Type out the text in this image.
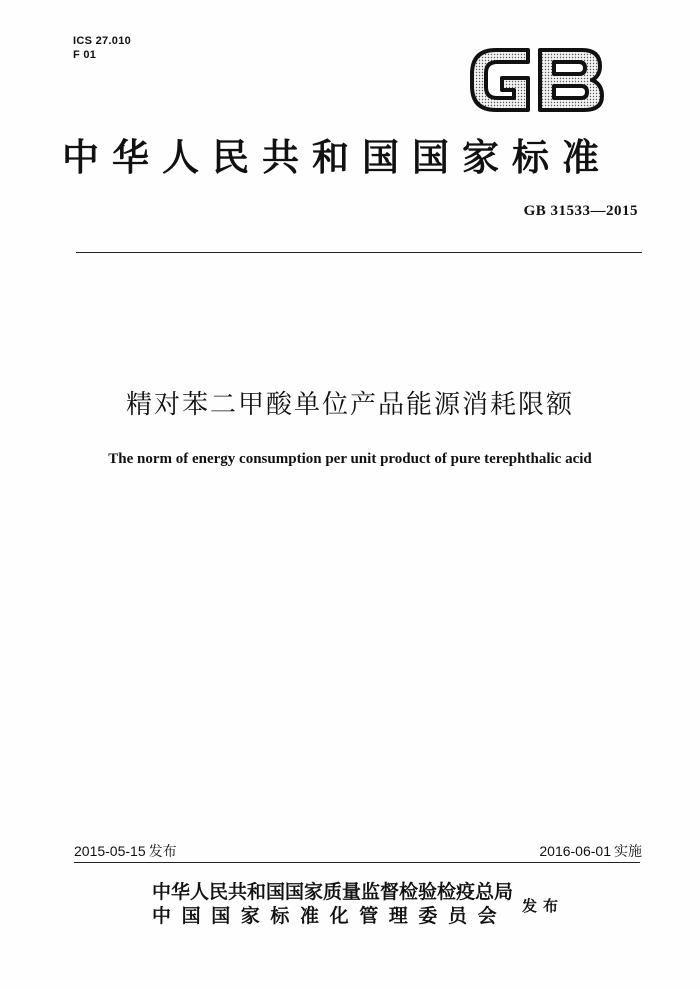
ICS 27.010
F 01
中华人民共和国国家标准
GB 31533—2015
精对苯二甲酸单位产品能源消耗限额
The norm of energy consumption per unit product of pure terephthalic acid
2015-05-15 发布	2016-06-01 实施
中华人民共和国国家质量监督检验检疫总局
中国国家标准化管理委员会 发布
